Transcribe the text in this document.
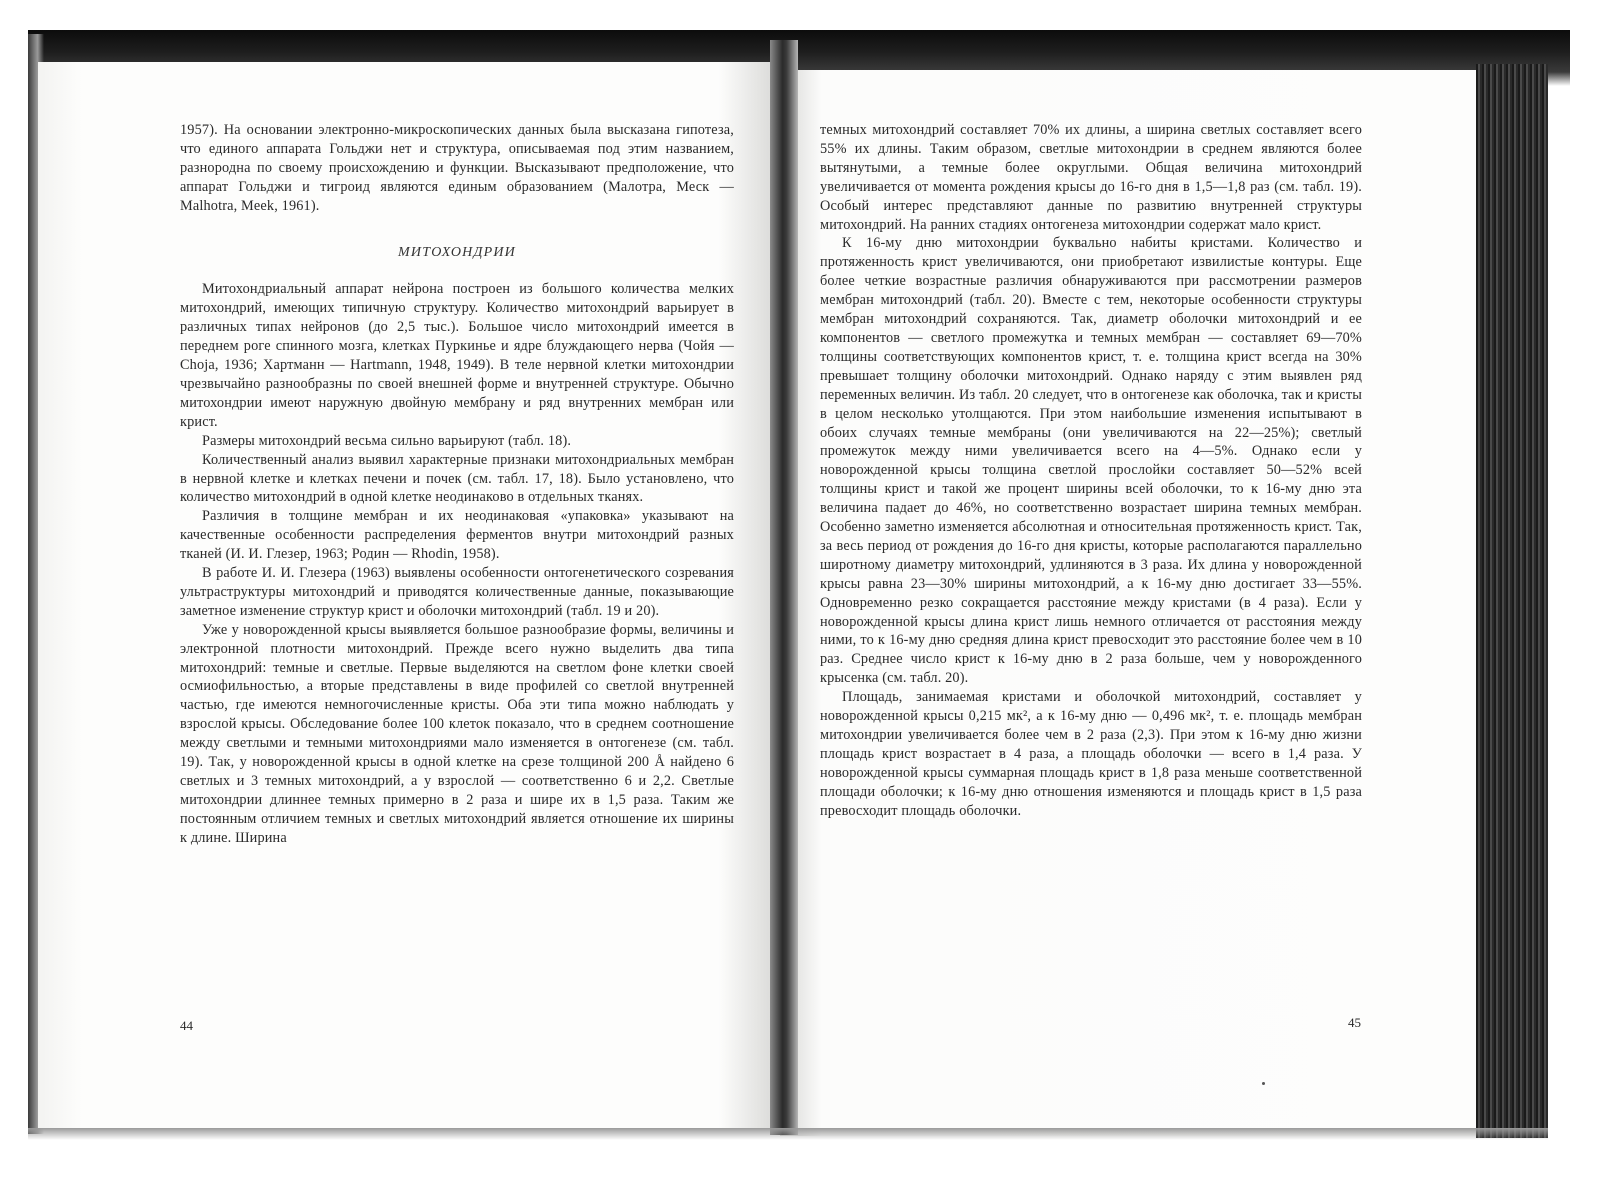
1957). На основании электронно-микроскопических данных была высказана гипотеза, что единого аппарата Гольджи нет и структура, описываемая под этим названием, разнородна по своему происхождению и функции. Высказывают предположение, что аппарат Гольджи и тигроид являются единым образованием (Малотра, Меск — Malhotra, Meek, 1961).

МИТОХОНДРИИ

Митохондриальный аппарат нейрона построен из большого количества мелких митохондрий, имеющих типичную структуру. Количество митохондрий варьирует в различных типах нейронов (до 2,5 тыс.). Большое число митохондрий имеется в переднем роге спинного мозга, клетках Пуркинье и ядре блуждающего нерва (Чойя — Choja, 1936; Хартманн — Hartmann, 1948, 1949). В теле нервной клетки митохондрии чрезвычайно разнообразны по своей внешней форме и внутренней структуре. Обычно митохондрии имеют наружную двойную мембрану и ряд внутренних мембран или крист.

Размеры митохондрий весьма сильно варьируют (табл. 18).

Количественный анализ выявил характерные признаки митохондриальных мембран в нервной клетке и клетках печени и почек (см. табл. 17, 18). Было установлено, что количество митохондрий в одной клетке неодинаково в отдельных тканях.

Различия в толщине мембран и их неодинаковая «упаковка» указывают на качественные особенности распределения ферментов внутри митохондрий разных тканей (И. И. Глезер, 1963; Родин — Rhodin, 1958).

В работе И. И. Глезера (1963) выявлены особенности онтогенетического созревания ультраструктуры митохондрий и приводятся количественные данные, показывающие заметное изменение структур крист и оболочки митохондрий (табл. 19 и 20).

Уже у новорожденной крысы выявляется большое разнообразие формы, величины и электронной плотности митохондрий. Прежде всего нужно выделить два типа митохондрий: темные и светлые. Первые выделяются на светлом фоне клетки своей осмиофильностью, а вторые представлены в виде профилей со светлой внутренней частью, где имеются немногочисленные кристы. Оба эти типа можно наблюдать у взрослой крысы. Обследование более 100 клеток показало, что в среднем соотношение между светлыми и темными митохондриями мало изменяется в онтогенезе (см. табл. 19). Так, у новорожденной крысы в одной клетке на срезе толщиной 200 Å найдено 6 светлых и 3 темных митохондрий, а у взрослой — соответственно 6 и 2,2. Светлые митохондрии длиннее темных примерно в 2 раза и шире их в 1,5 раза. Таким же постоянным отличием темных и светлых митохондрий является отношение их ширины к длине. Ширина

44

темных митохондрий составляет 70% их длины, а ширина светлых составляет всего 55% их длины. Таким образом, светлые митохондрии в среднем являются более вытянутыми, а темные более округлыми. Общая величина митохондрий увеличивается от момента рождения крысы до 16-го дня в 1,5—1,8 раз (см. табл. 19). Особый интерес представляют данные по развитию внутренней структуры митохондрий. На ранних стадиях онтогенеза митохондрии содержат мало крист.

К 16-му дню митохондрии буквально набиты кристами. Количество и протяженность крист увеличиваются, они приобретают извилистые контуры. Еще более четкие возрастные различия обнаруживаются при рассмотрении размеров мембран митохондрий (табл. 20). Вместе с тем, некоторые особенности структуры мембран митохондрий сохраняются. Так, диаметр оболочки митохондрий и ее компонентов — светлого промежутка и темных мембран — составляет 69—70% толщины соответствующих компонентов крист, т. е. толщина крист всегда на 30% превышает толщину оболочки митохондрий. Однако наряду с этим выявлен ряд переменных величин. Из табл. 20 следует, что в онтогенезе как оболочка, так и кристы в целом несколько утолщаются. При этом наибольшие изменения испытывают в обоих случаях темные мембраны (они увеличиваются на 22—25%); светлый промежуток между ними увеличивается всего на 4—5%. Однако если у новорожденной крысы толщина светлой прослойки составляет 50—52% всей толщины крист и такой же процент ширины всей оболочки, то к 16-му дню эта величина падает до 46%, но соответственно возрастает ширина темных мембран. Особенно заметно изменяется абсолютная и относительная протяженность крист. Так, за весь период от рождения до 16-го дня кристы, которые располагаются параллельно широтному диаметру митохондрий, удлиняются в 3 раза. Их длина у новорожденной крысы равна 23—30% ширины митохондрий, а к 16-му дню достигает 33—55%. Одновременно резко сокращается расстояние между кристами (в 4 раза). Если у новорожденной крысы длина крист лишь немного отличается от расстояния между ними, то к 16-му дню средняя длина крист превосходит это расстояние более чем в 10 раз. Среднее число крист к 16-му дню в 2 раза больше, чем у новорожденного крысенка (см. табл. 20).

Площадь, занимаемая кристами и оболочкой митохондрий, составляет у новорожденной крысы 0,215 мк², а к 16-му дню — 0,496 мк², т. е. площадь мембран митохондрии увеличивается более чем в 2 раза (2,3). При этом к 16-му дню жизни площадь крист возрастает в 4 раза, а площадь оболочки — всего в 1,4 раза. У новорожденной крысы суммарная площадь крист в 1,8 раза меньше соответственной площади оболочки; к 16-му дню отношения изменяются и площадь крист в 1,5 раза превосходит площадь оболочки.

45
